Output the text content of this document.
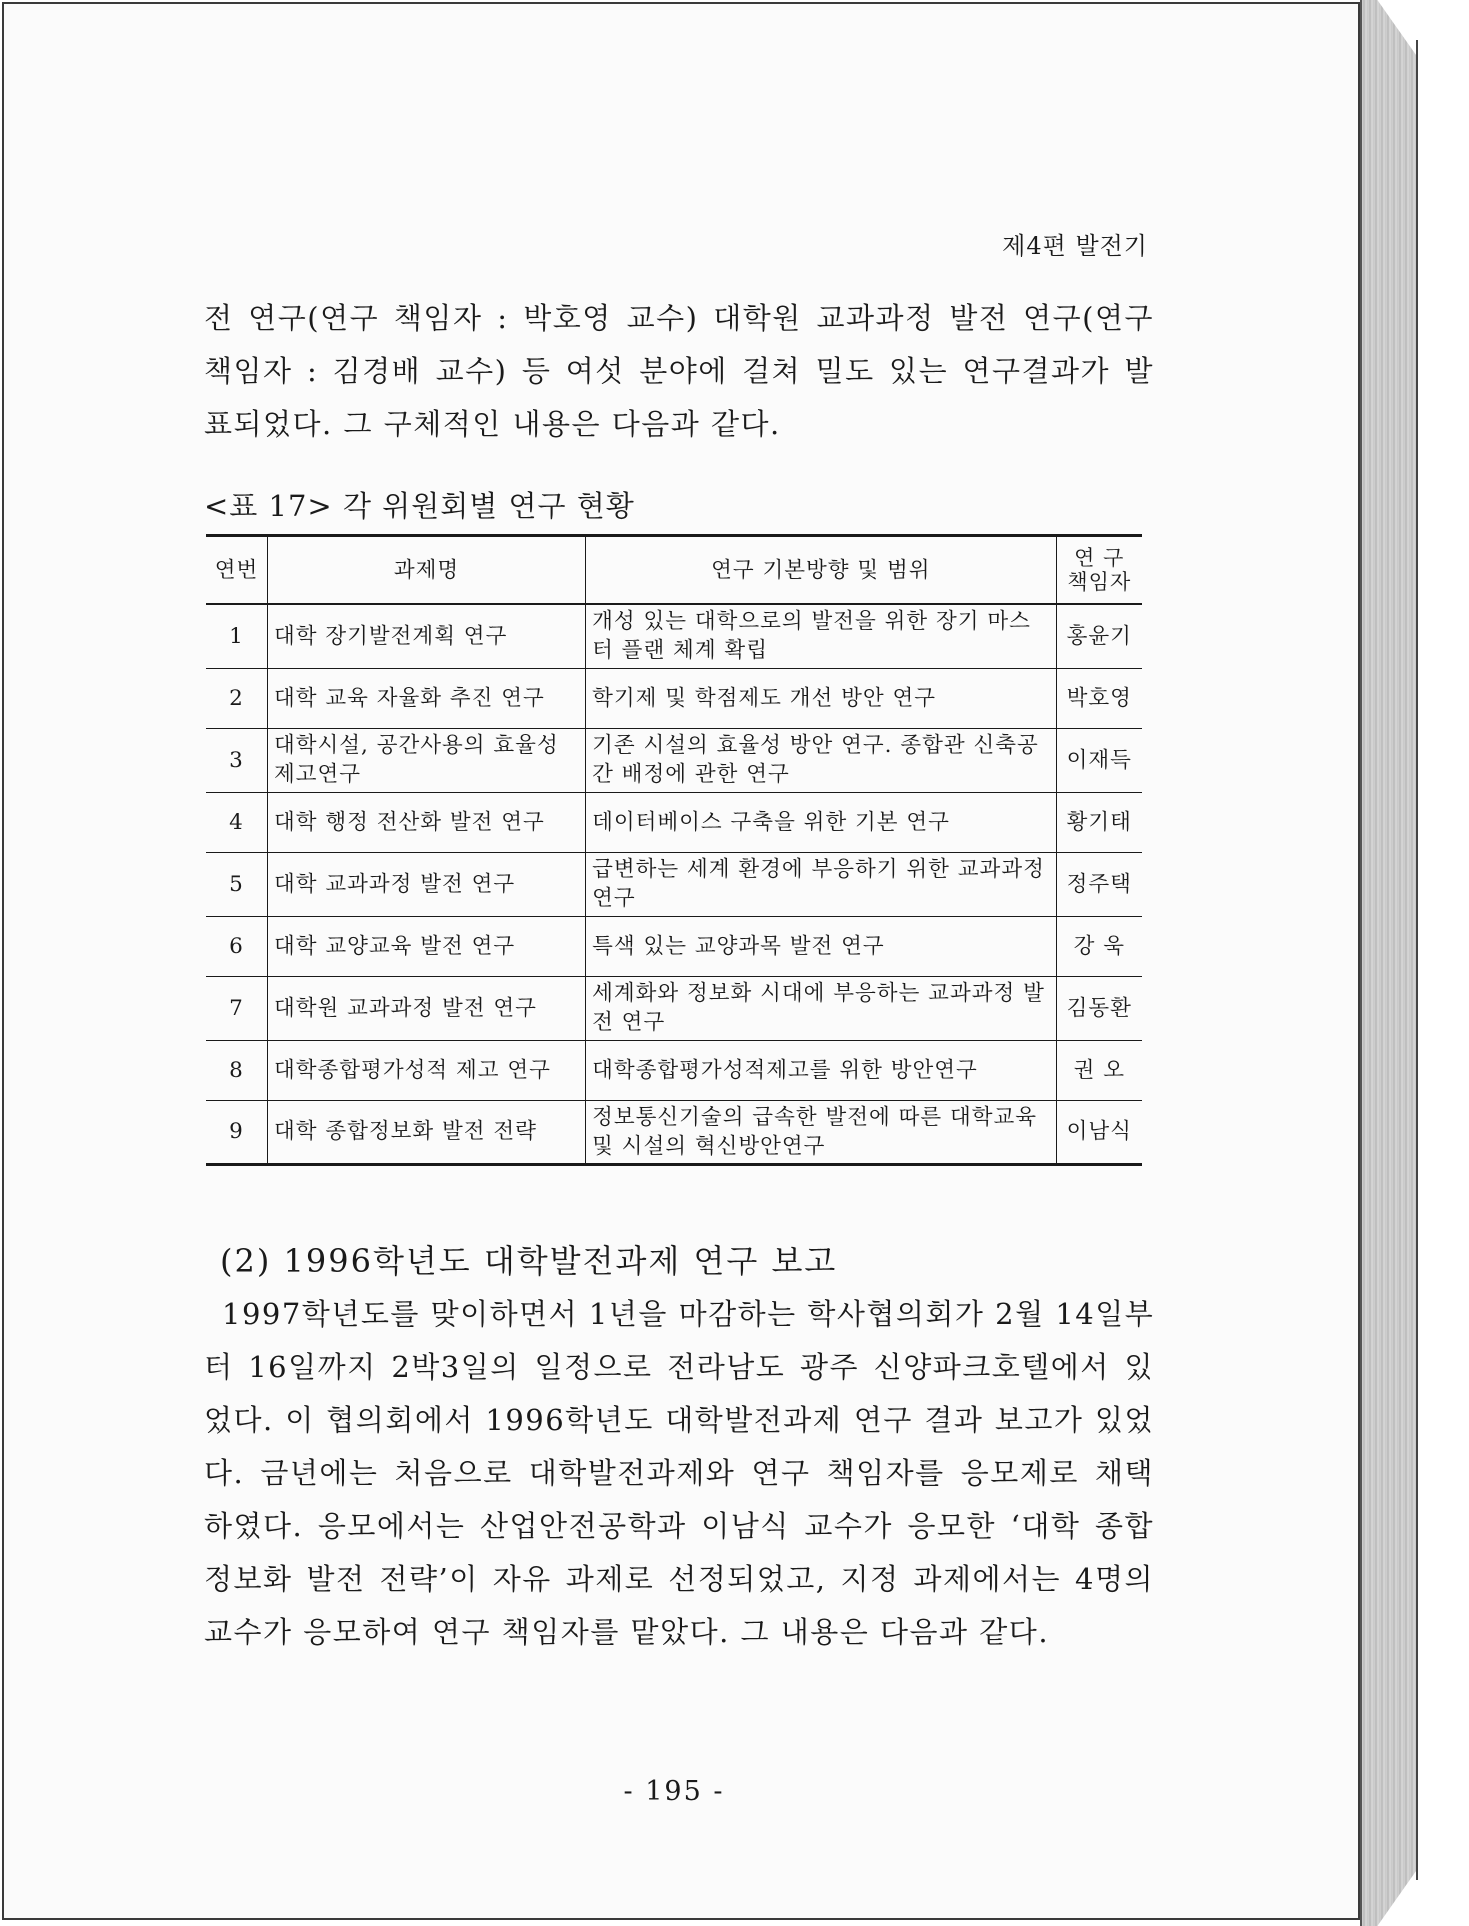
제4편 발전기
전 연구(연구 책임자 : 박호영 교수) 대학원 교과과정 발전 연구(연구
책임자 : 김경배 교수) 등 여섯 분야에 걸쳐 밀도 있는 연구결과가 발
표되었다. 그 구체적인 내용은 다음과 같다.
<표 17> 각 위원회별 연구 현황
연번	과제명	연구 기본방향 및 범위	연 구
책임자
1	대학 장기발전계획 연구	개성 있는 대학으로의 발전을 위한 장기 마스터 플랜 체계 확립	홍윤기
2	대학 교육 자율화 추진 연구	학기제 및 학점제도 개선 방안 연구	박호영
3	대학시설, 공간사용의 효율성 제고연구	기존 시설의 효율성 방안 연구. 종합관 신축공간 배정에 관한 연구	이재득
4	대학 행정 전산화 발전 연구	데이터베이스 구축을 위한 기본 연구	황기태
5	대학 교과과정 발전 연구	급변하는 세계 환경에 부응하기 위한 교과과정 연구	정주택
6	대학 교양교육 발전 연구	특색 있는 교양과목 발전 연구	강 욱
7	대학원 교과과정 발전 연구	세계화와 정보화 시대에 부응하는 교과과정 발전 연구	김동환
8	대학종합평가성적 제고 연구	대학종합평가성적제고를 위한 방안연구	권 오
9	대학 종합정보화 발전 전략	정보통신기술의 급속한 발전에 따른 대학교육 및 시설의 혁신방안연구	이남식
(2) 1996학년도 대학발전과제 연구 보고
1997학년도를 맞이하면서 1년을 마감하는 학사협의회가 2월 14일부
터 16일까지 2박3일의 일정으로 전라남도 광주 신양파크호텔에서 있
었다. 이 협의회에서 1996학년도 대학발전과제 연구 결과 보고가 있었
다. 금년에는 처음으로 대학발전과제와 연구 책임자를 응모제로 채택
하였다. 응모에서는 산업안전공학과 이남식 교수가 응모한 ‘대학 종합
정보화 발전 전략’이 자유 과제로 선정되었고, 지정 과제에서는 4명의
교수가 응모하여 연구 책임자를 맡았다. 그 내용은 다음과 같다.
- 195 -
